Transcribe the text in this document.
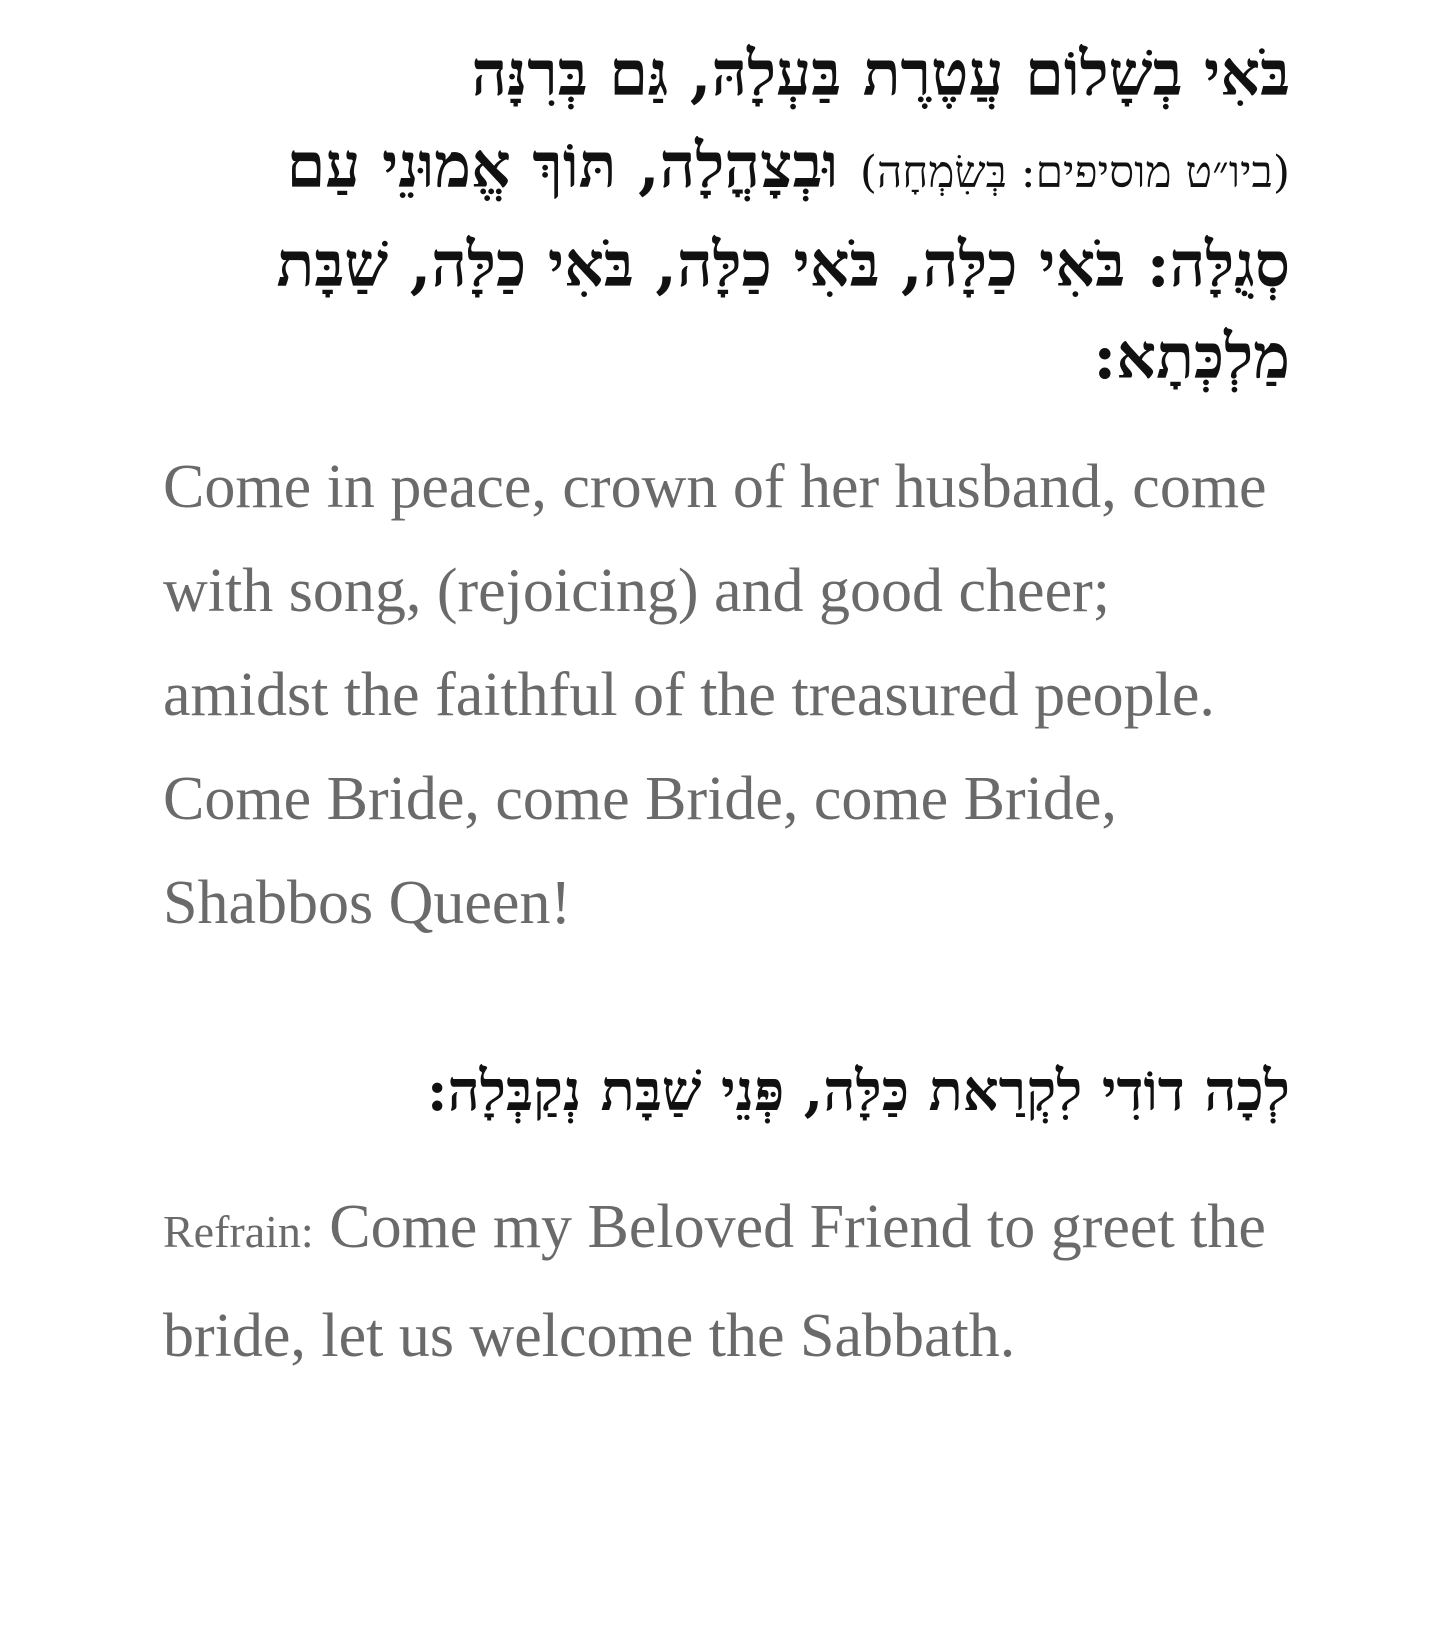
בֹּאִי בְשָׁלוֹם עֲטֶרֶת בַּעְלָהּ, גַּם בְּרִנָּה
(ביו״ט מוסיפים: בְּשִׂמְחָה) וּבְצָהֳלָה, תּוֹךְ אֱמוּנֵי עַם סְגֻלָּה: בֹּאִי כַלָּה, בֹּאִי כַלָּה, בֹּאִי כַלָּה, שַׁבָּת מַלְכְּתָא:
Come in peace, crown of her husband, come with song, (rejoicing) and good cheer; amidst the faithful of the treasured people. Come Bride, come Bride, come Bride, Shabbos Queen!
לְכָה דוֹדִי לִקְרַאת כַּלָּה, פְּנֵי שַׁבָּת נְקַבְּלָה:
Refrain: Come my Beloved Friend to greet the bride, let us welcome the Sabbath.
